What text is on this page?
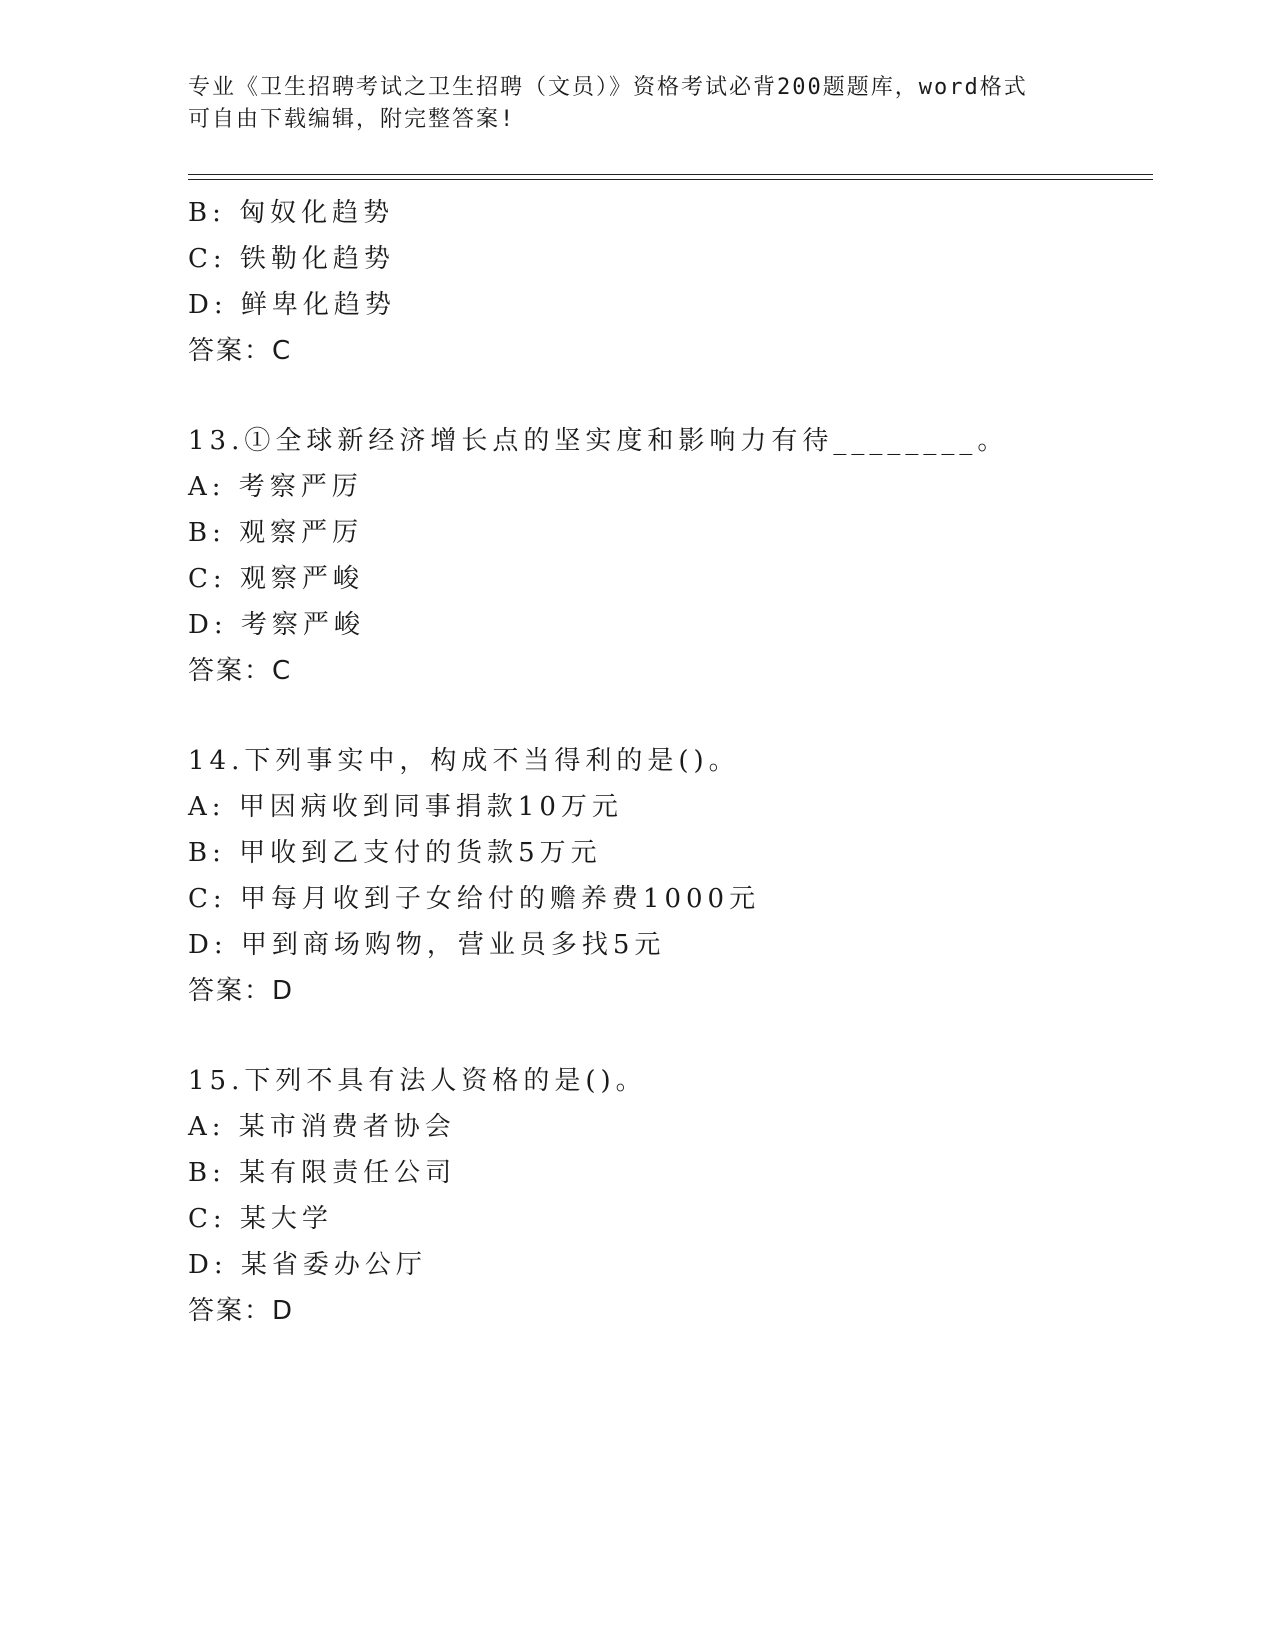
专业《卫生招聘考试之卫生招聘（文员）》资格考试必背200题题库，word格式
可自由下载编辑，附完整答案!
B: 匈奴化趋势
C: 铁勒化趋势
D: 鲜卑化趋势
答案：C
13.①全球新经济增长点的坚实度和影响力有待________。
A: 考察严厉
B: 观察严厉
C: 观察严峻
D: 考察严峻
答案：C
14.下列事实中，构成不当得利的是()。
A: 甲因病收到同事捐款10万元
B: 甲收到乙支付的货款5万元
C: 甲每月收到子女给付的赡养费1000元
D: 甲到商场购物，营业员多找5元
答案：D
15.下列不具有法人资格的是()。
A: 某市消费者协会
B: 某有限责任公司
C: 某大学
D: 某省委办公厅
答案：D
